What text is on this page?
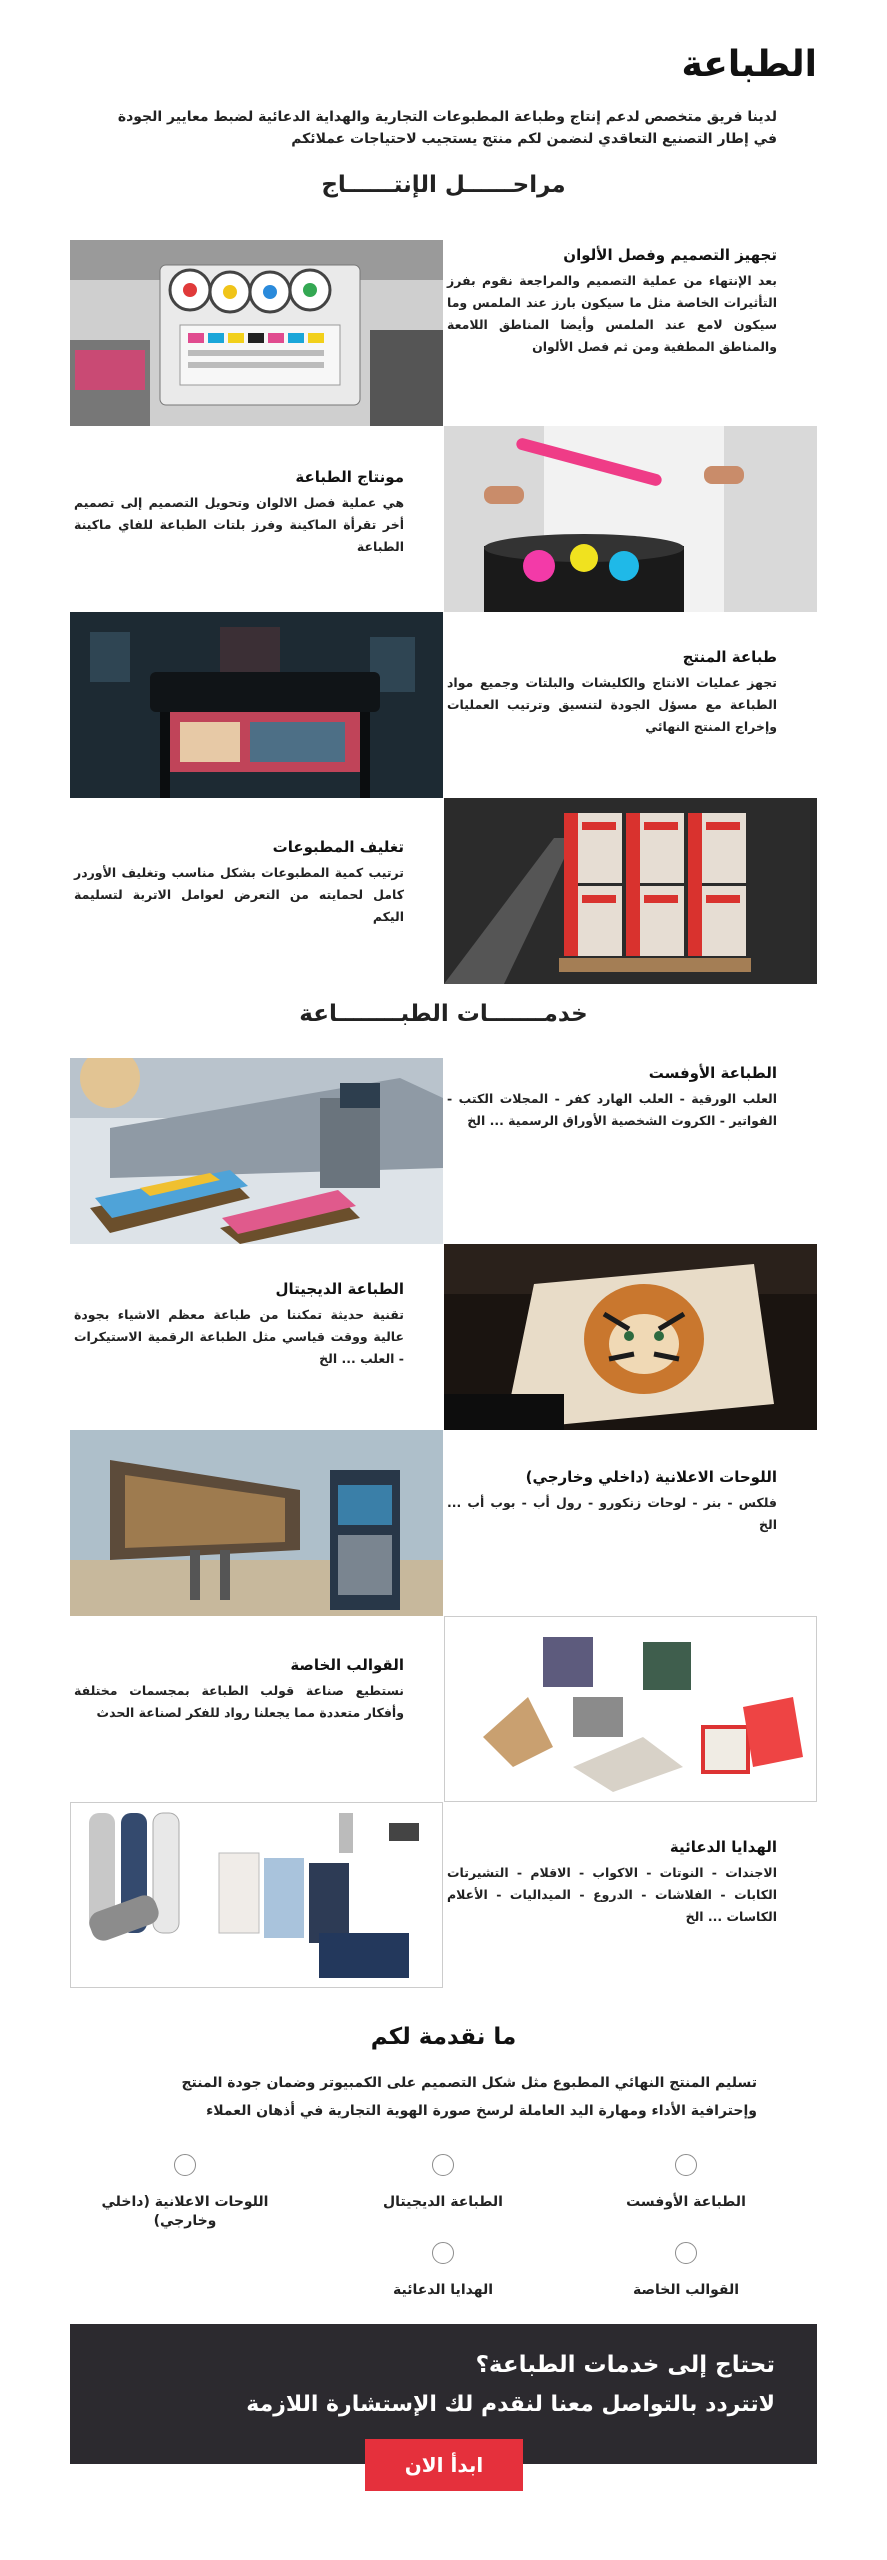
الطباعة

لدينا فريق متخصص لدعم إنتاج وطباعة المطبوعات التجارية والهداية الدعائية لضبط معايير الجودة في إطار التصنيع التعاقدي لنضمن لكم منتج يستجيب لاحتياجات عملائكم

مراحــــــل الإنتــــــاج
تجهيز التصميم وفصل الألوان

بعد الإنتهاء من عملية التصميم والمراجعة نقوم بفرز التأثيرات الخاصة مثل ما سيكون بارز عند الملمس وما سيكون لامع عند الملمس وأيضا المناطق اللامعة والمناطق المطفية ومن ثم فصل الألوان

مونتاج الطباعة

هي عملية فصل الالوان وتحويل التصميم إلى تصميم أخر تقرأة الماكينة وفرز بلتات الطباعة للفاي ماكينة الطباعة

طباعة المنتج

تجهز عمليات الانتاج والكليشات والبلتات وجميع مواد الطباعة مع مسؤل الجودة لتنسيق وترتيب العمليات وإخراج المنتج النهائي

تغليف المطبوعات

ترتيب كمية المطبوعات بشكل مناسب وتغليف الأوردر كامل لحمايته من التعرض لعوامل الاتربة لتسليمة اليكم

خدمـــــــات الطبــــــــاعة
الطباعة الأوفست

العلب الورقية - العلب الهارد كفر - المجلات الكتب - الفواتير - الكروت الشخصية الأوراق الرسمية ... الخ

الطباعة الديجيتال

تقنية حديثة تمكننا من طباعة معظم الاشياء بجودة عالية ووقت قياسي مثل الطباعة الرقمية الاستيكرات - العلب ... الخ

اللوحات الاعلانية (داخلي وخارجي)

فلكس - بنر - لوحات زنكورو - رول أب - بوب أب ... الخ

القوالب الخاصة

نستطيع صناعة قولب الطباعة بمجسمات مختلفة وأفكار متعددة مما يجعلنا رواد للفكر لصناعة الحدث

الهدايا الدعائية

الاجندات - النوتات - الاكواب - الاقلام - التشيرتات الكابات - الفلاشات - الدروع - الميداليات - الأعلام الكاسات ... الخ

ما نقدمة لكم

تسليم المنتج النهائي المطبوع مثل شكل التصميم على الكمبيوتر وضمان جودة المنتج وإحترافية الأداء ومهارة اليد العاملة لرسخ صورة الهوية التجارية في أذهان العملاء

الطباعة الأوفست
الطباعة الديجيتال
اللوحات الاعلانية (داخلي وخارجي)
القوالب الخاصة
الهدايا الدعائية
تحتاج إلى خدمات الطباعة؟
لاتتردد بالتواصل معنا لنقدم لك الإستشارة اللازمة
ابدأ الان
